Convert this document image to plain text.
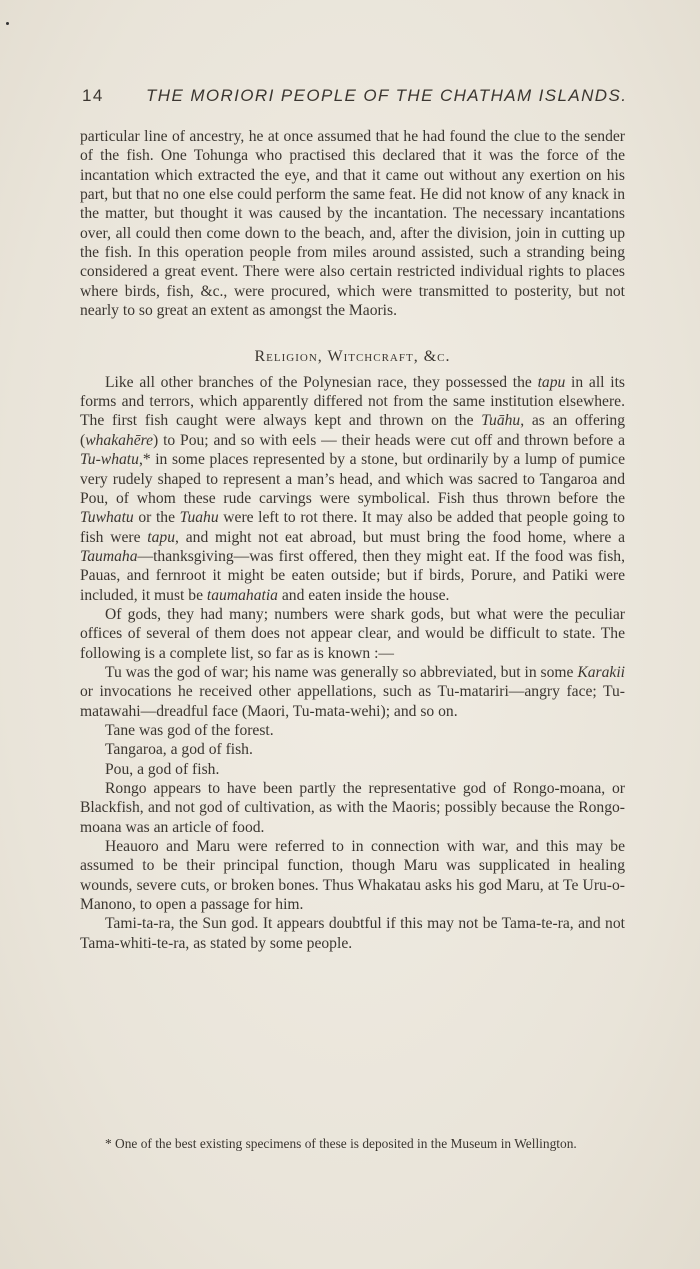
14 THE MORIORI PEOPLE OF THE CHATHAM ISLANDS.

particular line of ancestry, he at once assumed that he had found the clue to the sender of the fish. One Tohunga who practised this declared that it was the force of the incantation which extracted the eye, and that it came out without any exertion on his part, but that no one else could perform the same feat. He did not know of any knack in the matter, but thought it was caused by the incantation. The necessary incantations over, all could then come down to the beach, and, after the division, join in cutting up the fish. In this operation people from miles around assisted, such a stranding being considered a great event. There were also certain restricted individual rights to places where birds, fish, &c., were procured, which were transmitted to posterity, but not nearly to so great an extent as amongst the Maoris.

Religion, Witchcraft, &c.

Like all other branches of the Polynesian race, they possessed the tapu in all its forms and terrors, which apparently differed not from the same institution elsewhere. The first fish caught were always kept and thrown on the Tuāhu, as an offering (whakahēre) to Pou; and so with eels — their heads were cut off and thrown before a Tu-whatu,* in some places represented by a stone, but ordinarily by a lump of pumice very rudely shaped to represent a man’s head, and which was sacred to Tangaroa and Pou, of whom these rude carvings were symbolical. Fish thus thrown before the Tuwhatu or the Tuahu were left to rot there. It may also be added that people going to fish were tapu, and might not eat abroad, but must bring the food home, where a Taumaha—thanksgiving—was first offered, then they might eat. If the food was fish, Pauas, and fernroot it might be eaten outside; but if birds, Porure, and Patiki were included, it must be taumahatia and eaten inside the house.

Of gods, they had many; numbers were shark gods, but what were the peculiar offices of several of them does not appear clear, and would be difficult to state. The following is a complete list, so far as is known :—

Tu was the god of war; his name was generally so abbreviated, but in some Karakii or invocations he received other appellations, such as Tu-matariri—angry face; Tu-matawahi—dreadful face (Maori, Tu-mata-wehi); and so on.

Tane was god of the forest.

Tangaroa, a god of fish.

Pou, a god of fish.

Rongo appears to have been partly the representative god of Rongo-moana, or Blackfish, and not god of cultivation, as with the Maoris; possibly because the Rongo-moana was an article of food.

Heauoro and Maru were referred to in connection with war, and this may be assumed to be their principal function, though Maru was supplicated in healing wounds, severe cuts, or broken bones. Thus Whakatau asks his god Maru, at Te Uru-o-Manono, to open a passage for him.

Tami-ta-ra, the Sun god. It appears doubtful if this may not be Tama-te-ra, and not Tama-whiti-te-ra, as stated by some people.

* One of the best existing specimens of these is deposited in the Museum in Wellington.
